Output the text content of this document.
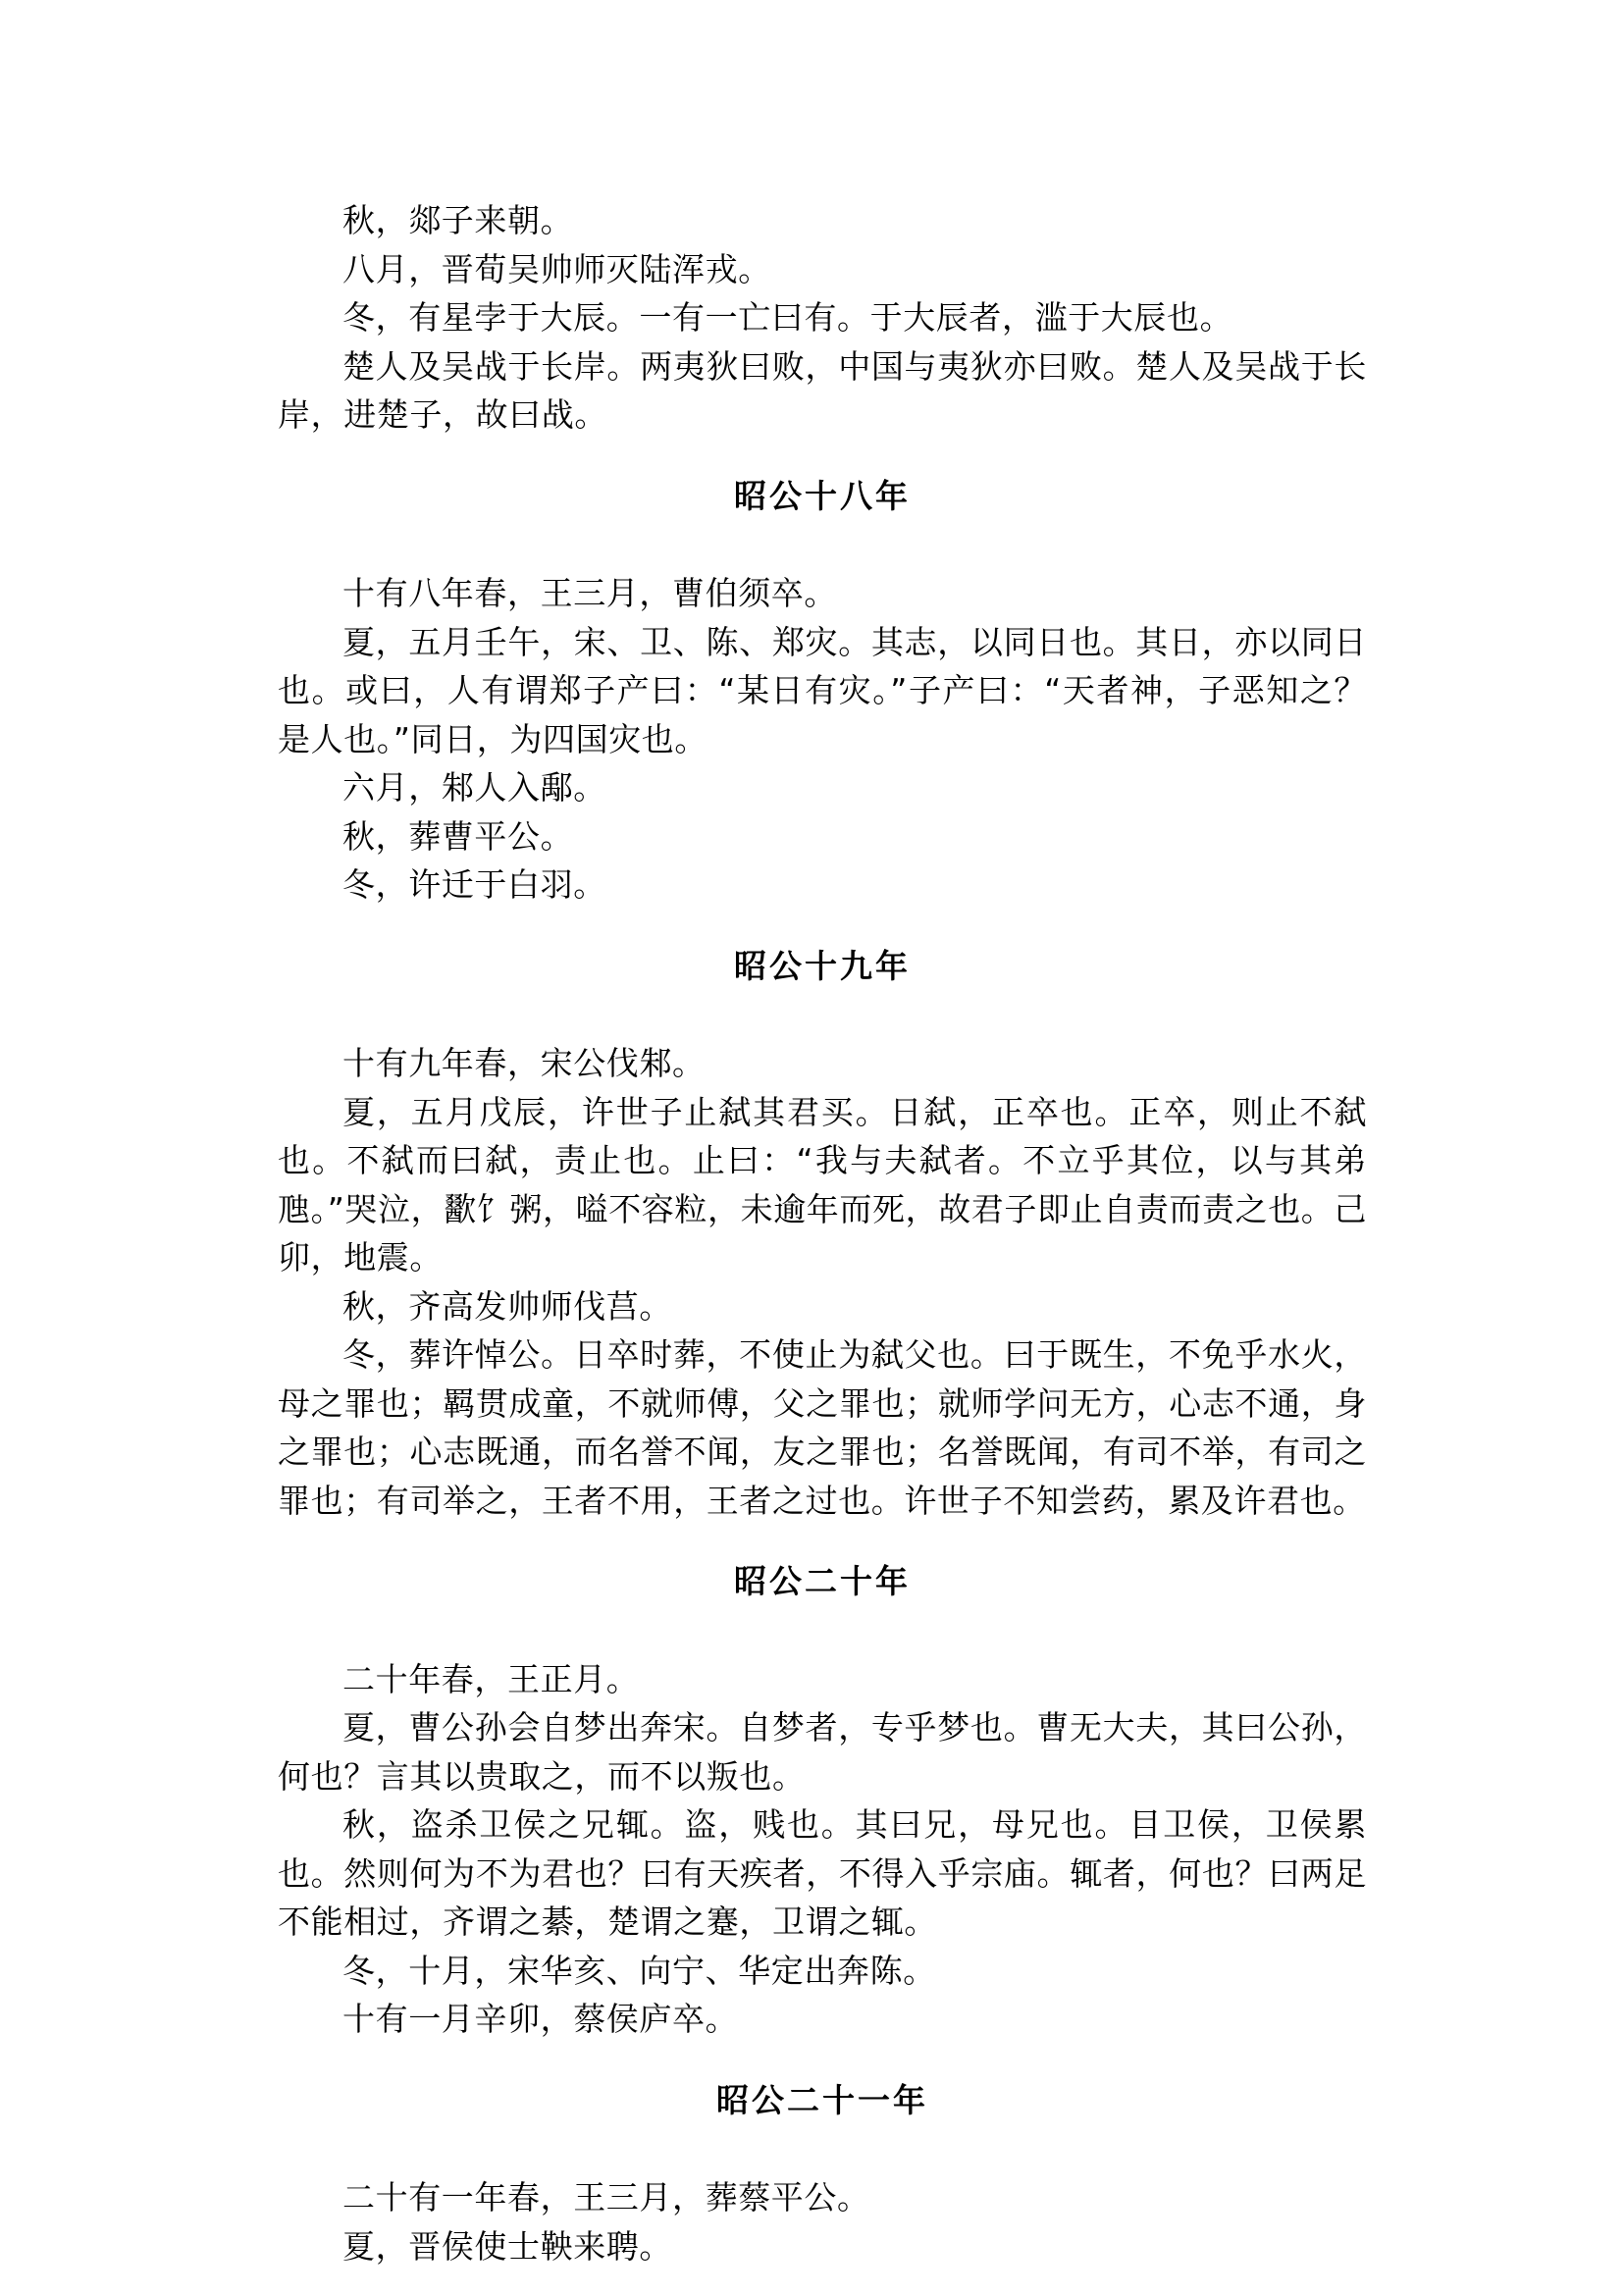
秋，郯子来朝。

八月，晋荀吴帅师灭陆浑戎。

冬，有星孛于大辰。一有一亡曰有。于大辰者，滥于大辰也。

楚人及吴战于长岸。两夷狄曰败，中国与夷狄亦曰败。楚人及吴战于长岸，进楚子，故曰战。

昭公十八年

十有八年春，王三月，曹伯须卒。

夏，五月壬午，宋、卫、陈、郑灾。其志，以同日也。其日，亦以同日也。或曰，人有谓郑子产曰：“某日有灾。”子产曰：“天者神，子恶知之？是人也。”同日，为四国灾也。

六月，邾人入鄅。

秋，葬曹平公。

冬，许迁于白羽。

昭公十九年

十有九年春，宋公伐邾。

夏，五月戊辰，许世子止弑其君买。日弑，正卒也。正卒，则止不弑也。不弑而曰弑，责止也。止曰：“我与夫弑者。不立乎其位，以与其弟虺。”哭泣，歠饣粥，嗌不容粒，未逾年而死，故君子即止自责而责之也。己卯，地震。

秋，齐高发帅师伐莒。

冬，葬许悼公。日卒时葬，不使止为弑父也。曰于既生，不免乎水火，母之罪也；羁贯成童，不就师傅，父之罪也；就师学问无方，心志不通，身之罪也；心志既通，而名誉不闻，友之罪也；名誉既闻，有司不举，有司之罪也；有司举之，王者不用，王者之过也。许世子不知尝药，累及许君也。

昭公二十年

二十年春，王正月。

夏，曹公孙会自梦出奔宋。自梦者，专乎梦也。曹无大夫，其曰公孙，何也？言其以贵取之，而不以叛也。

秋，盗杀卫侯之兄辄。盗，贱也。其曰兄，母兄也。目卫侯，卫侯累也。然则何为不为君也？曰有天疾者，不得入乎宗庙。辄者，何也？曰两足不能相过，齐谓之綦，楚谓之蹇，卫谓之辄。

冬，十月，宋华亥、向宁、华定出奔陈。

十有一月辛卯，蔡侯庐卒。

昭公二十一年

二十有一年春，王三月，葬蔡平公。

夏，晋侯使士鞅来聘。
